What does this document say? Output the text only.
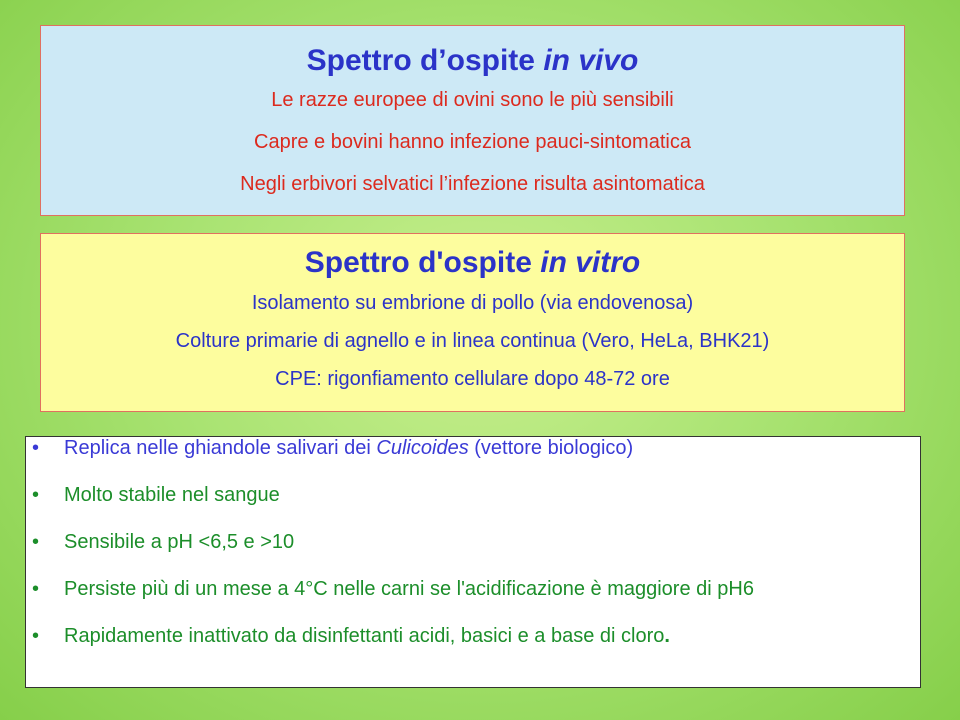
Spettro d’ospite in vivo

Le razze europee di ovini sono le più sensibili

Capre e bovini hanno infezione pauci-sintomatica

Negli erbivori selvatici l’infezione risulta asintomatica

Spettro d'ospite in vitro

Isolamento su embrione di pollo (via endovenosa)

Colture primarie di agnello e in linea continua (Vero, HeLa, BHK21)

CPE: rigonfiamento cellulare dopo 48-72 ore

• Replica nelle ghiandole salivari dei Culicoides (vettore biologico)
• Molto stabile nel sangue
• Sensibile a pH <6,5 e >10
• Persiste più di un mese a 4°C nelle carni se l'acidificazione è maggiore di pH6
• Rapidamente inattivato da disinfettanti acidi, basici e a base di cloro.
